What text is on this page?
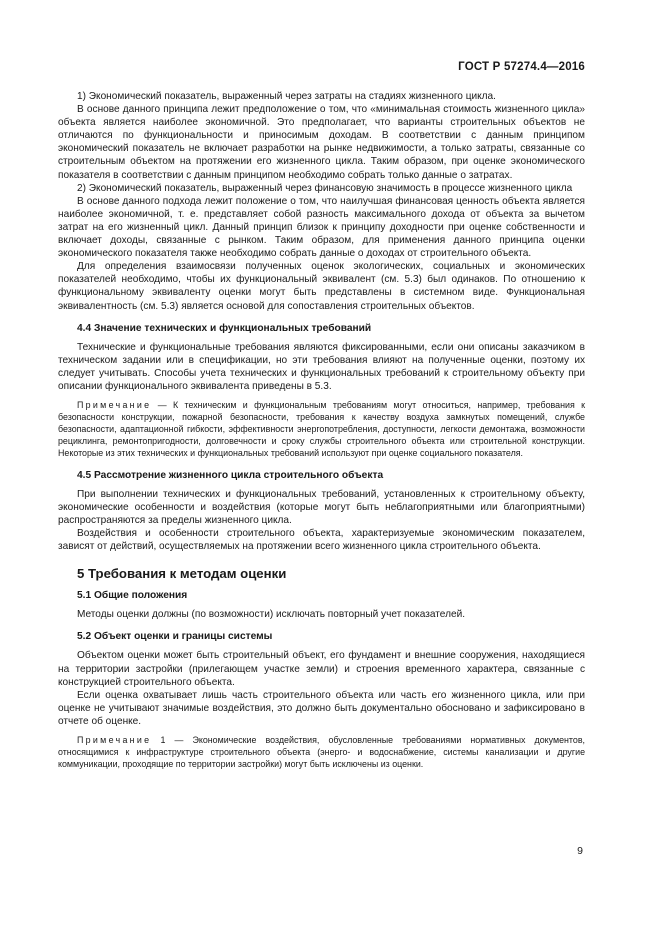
ГОСТ Р 57274.4—2016

1) Экономический показатель, выраженный через затраты на стадиях жизненного цикла.

В основе данного принципа лежит предположение о том, что «минимальная стоимость жизненного цикла» объекта является наиболее экономичной. Это предполагает, что варианты строительных объектов не отличаются по функциональности и приносимым доходам. В соответствии с данным принципом экономический показатель не включает разработки на рынке недвижимости, а только затраты, связанные со строительным объектом на протяжении его жизненного цикла. Таким образом, при оценке экономического показателя в соответствии с данным принципом необходимо собрать только данные о затратах.

2) Экономический показатель, выраженный через финансовую значимость в процессе жизненного цикла

В основе данного подхода лежит положение о том, что наилучшая финансовая ценность объекта является наиболее экономичной, т. е. представляет собой разность максимального дохода от объекта за вычетом затрат на его жизненный цикл. Данный принцип близок к принципу доходности при оценке собственности и включает доходы, связанные с рынком. Таким образом, для применения данного принципа оценки экономического показателя также необходимо собрать данные о доходах от строительного объекта.

Для определения взаимосвязи полученных оценок экологических, социальных и экономических показателей необходимо, чтобы их функциональный эквивалент (см. 5.3) был одинаков. По отношению к функциональному эквиваленту оценки могут быть представлены в системном виде. Функциональная эквивалентность (см. 5.3) является основой для сопоставления строительных объектов.

4.4 Значение технических и функциональных требований

Технические и функциональные требования являются фиксированными, если они описаны заказчиком в техническом задании или в спецификации, но эти требования влияют на полученные оценки, поэтому их следует учитывать. Способы учета технических и функциональных требований к строительному объекту при описании функционального эквивалента приведены в 5.3.

Примечание — К техническим и функциональным требованиям могут относиться, например, требования к безопасности конструкции, пожарной безопасности, требования к качеству воздуха замкнутых помещений, службе безопасности, адаптационной гибкости, эффективности энергопотребления, доступности, легкости демонтажа, возможности рециклинга, ремонтопригодности, долговечности и сроку службы строительного объекта или строительной конструкции. Некоторые из этих технических и функциональных требований используют при оценке социального показателя.

4.5 Рассмотрение жизненного цикла строительного объекта

При выполнении технических и функциональных требований, установленных к строительному объекту, экономические особенности и воздействия (которые могут быть неблагоприятными или благоприятными) распространяются за пределы жизненного цикла.

Воздействия и особенности строительного объекта, характеризуемые экономическим показателем, зависят от действий, осуществляемых на протяжении всего жизненного цикла строительного объекта.

5 Требования к методам оценки
5.1 Общие положения

Методы оценки должны (по возможности) исключать повторный учет показателей.

5.2 Объект оценки и границы системы

Объектом оценки может быть строительный объект, его фундамент и внешние сооружения, находящиеся на территории застройки (прилегающем участке земли) и строения временного характера, связанные с конструкцией строительного объекта.

Если оценка охватывает лишь часть строительного объекта или часть его жизненного цикла, или при оценке не учитывают значимые воздействия, это должно быть документально обосновано и зафиксировано в отчете об оценке.

Примечание 1 — Экономические воздействия, обусловленные требованиями нормативных документов, относящимися к инфраструктуре строительного объекта (энерго- и водоснабжение, системы канализации и другие коммуникации, проходящие по территории застройки) могут быть исключены из оценки.

9
